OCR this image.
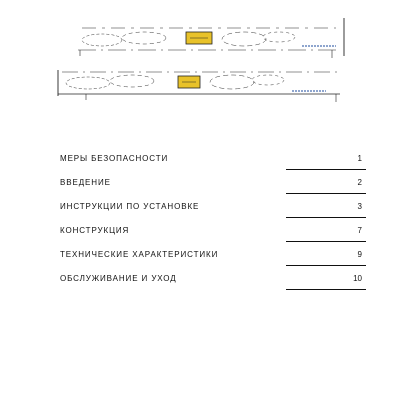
МЕРЫ БЕЗОПАСНОСТИ	1
ВВЕДЕНИЕ	2
ИНСТРУКЦИИ ПО УСТАНОВКЕ	3
КОНСТРУКЦИЯ	7
ТЕХНИЧЕСКИЕ ХАРАКТЕРИСТИКИ	9
ОБСЛУЖИВАНИЕ И УХОД	10
